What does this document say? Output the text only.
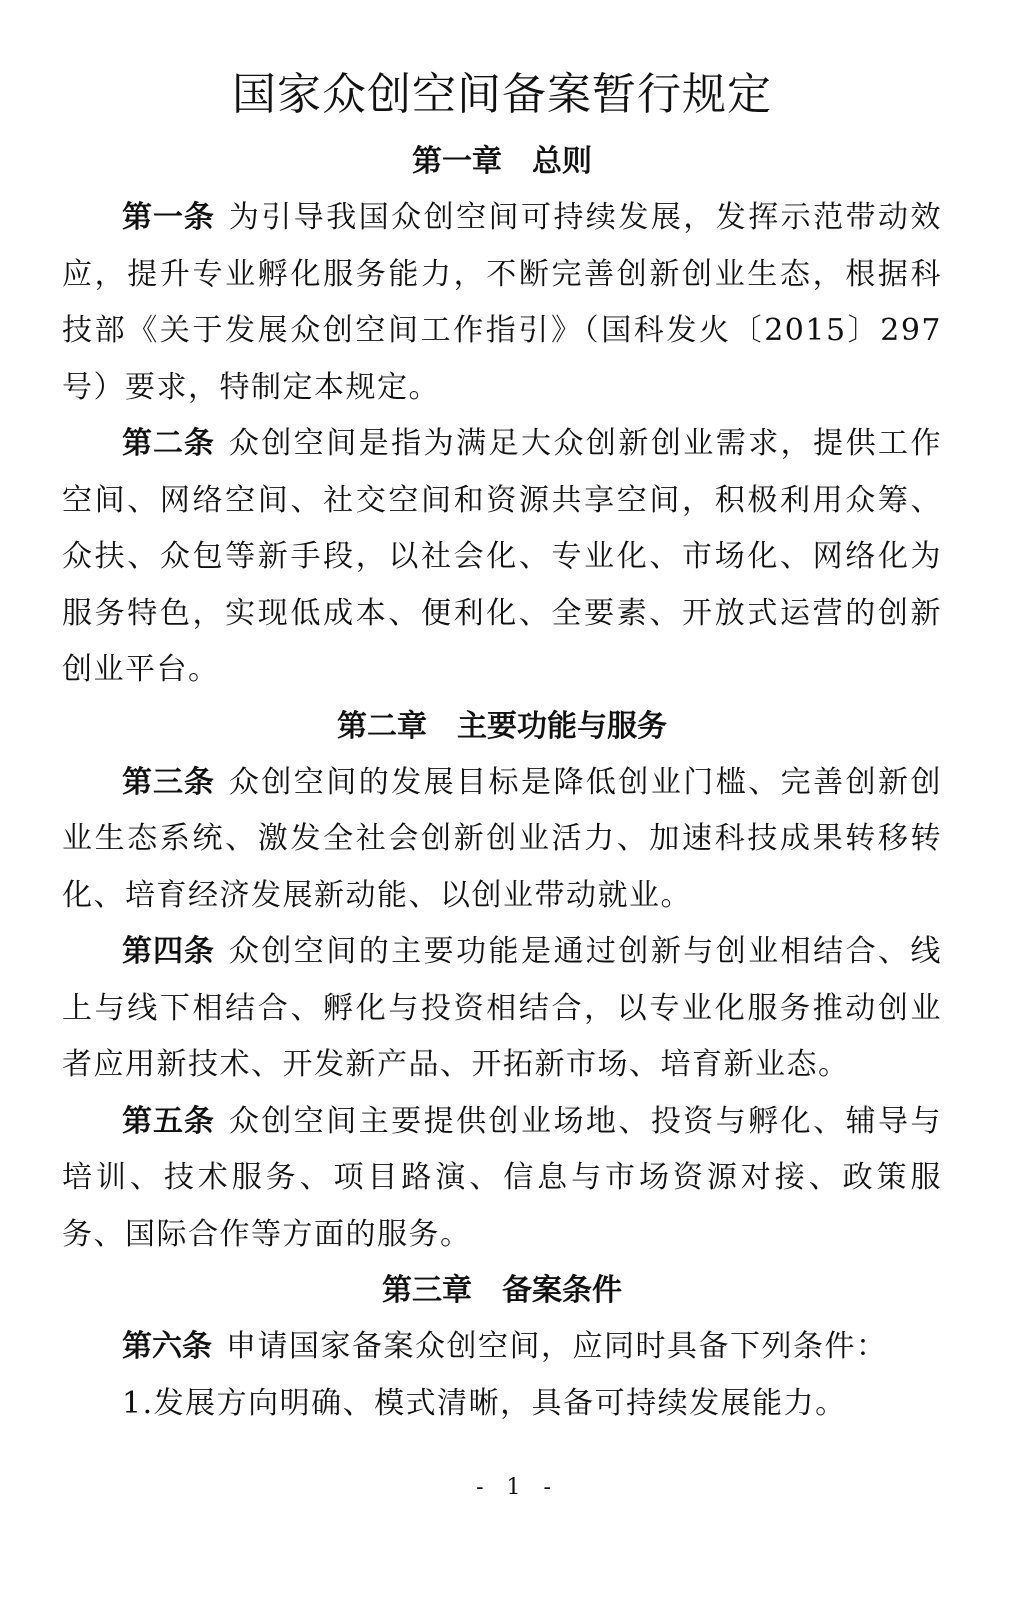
国家众创空间备案暂行规定
第一章 总则

第一条 为引导我国众创空间可持续发展，发挥示范带动效应，提升专业孵化服务能力，不断完善创新创业生态，根据科技部《关于发展众创空间工作指引》（国科发火〔2015〕297号）要求，特制定本规定。

第二条 众创空间是指为满足大众创新创业需求，提供工作空间、网络空间、社交空间和资源共享空间，积极利用众筹、众扶、众包等新手段，以社会化、专业化、市场化、网络化为服务特色，实现低成本、便利化、全要素、开放式运营的创新创业平台。

第二章 主要功能与服务

第三条 众创空间的发展目标是降低创业门槛、完善创新创业生态系统、激发全社会创新创业活力、加速科技成果转移转化、培育经济发展新动能、以创业带动就业。

第四条 众创空间的主要功能是通过创新与创业相结合、线上与线下相结合、孵化与投资相结合，以专业化服务推动创业者应用新技术、开发新产品、开拓新市场、培育新业态。

第五条 众创空间主要提供创业场地、投资与孵化、辅导与培训、技术服务、项目路演、信息与市场资源对接、政策服务、国际合作等方面的服务。

第三章 备案条件

第六条 申请国家备案众创空间，应同时具备下列条件：

1.发展方向明确、模式清晰，具备可持续发展能力。

- 1 -
